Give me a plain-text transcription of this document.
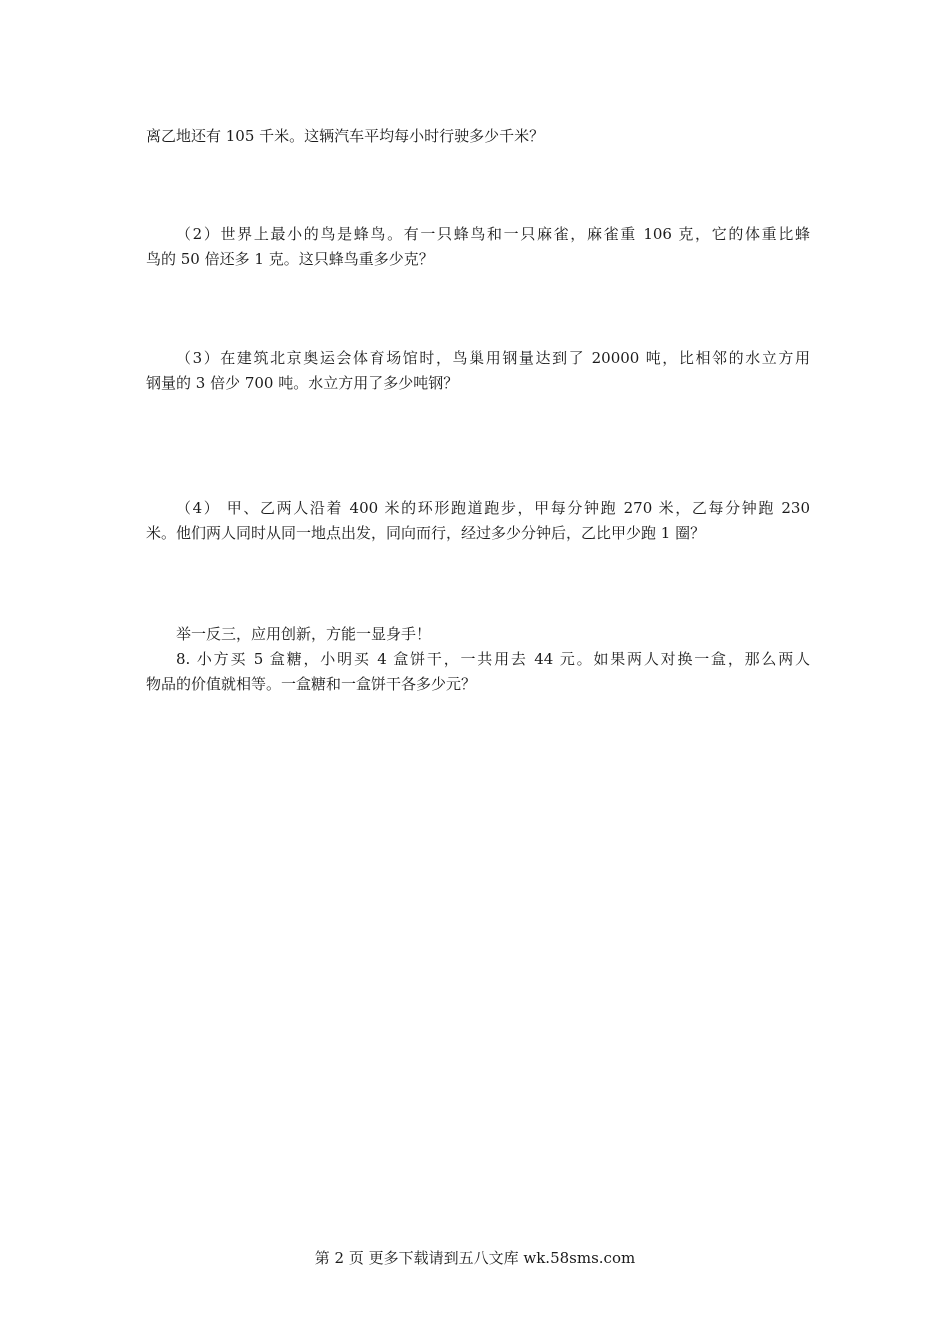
离乙地还有 105 千米。这辆汽车平均每小时行驶多少千米？
（2）世界上最小的鸟是蜂鸟。有一只蜂鸟和一只麻雀，麻雀重 106 克，它的体重比蜂
鸟的 50 倍还多 1 克。这只蜂鸟重多少克？
（3）在建筑北京奥运会体育场馆时，鸟巢用钢量达到了 20000 吨，比相邻的水立方用
钢量的 3 倍少 700 吨。水立方用了多少吨钢？
（4） 甲、乙两人沿着 400 米的环形跑道跑步，甲每分钟跑 270 米，乙每分钟跑 230
米。他们两人同时从同一地点出发，同向而行，经过多少分钟后，乙比甲少跑 1 圈？
举一反三，应用创新，方能一显身手！
8. 小方买 5 盒糖，小明买 4 盒饼干，一共用去 44 元。如果两人对换一盒，那么两人
物品的价值就相等。一盒糖和一盒饼干各多少元？
第 2 页 更多下载请到五八文库 wk.58sms.com
